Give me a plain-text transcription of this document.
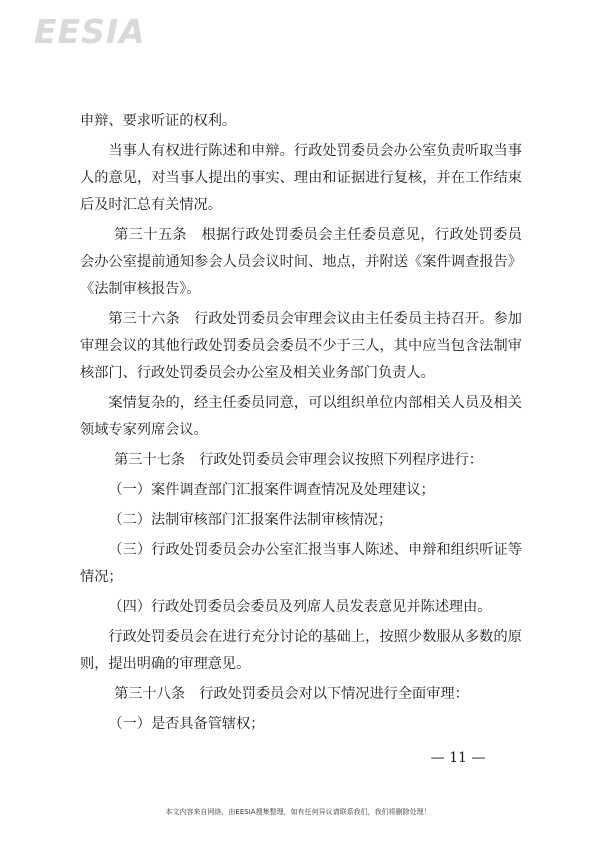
EESIA

申辩、要求听证的权利。

当事人有权进行陈述和申辩。行政处罚委员会办公室负责听取当事人的意见，对当事人提出的事实、理由和证据进行复核，并在工作结束后及时汇总有关情况。

第三十五条　根据行政处罚委员会主任委员意见，行政处罚委员会办公室提前通知参会人员会议时间、地点，并附送《案件调查报告》《法制审核报告》。

第三十六条　行政处罚委员会审理会议由主任委员主持召开。参加审理会议的其他行政处罚委员会委员不少于三人，其中应当包含法制审核部门、行政处罚委员会办公室及相关业务部门负责人。

案情复杂的，经主任委员同意，可以组织单位内部相关人员及相关领域专家列席会议。

第三十七条　行政处罚委员会审理会议按照下列程序进行：

（一）案件调查部门汇报案件调查情况及处理建议；

（二）法制审核部门汇报案件法制审核情况；

（三）行政处罚委员会办公室汇报当事人陈述、申辩和组织听证等情况；

（四）行政处罚委员会委员及列席人员发表意见并陈述理由。

行政处罚委员会在进行充分讨论的基础上，按照少数服从多数的原则，提出明确的审理意见。

第三十八条　行政处罚委员会对以下情况进行全面审理：

（一）是否具备管辖权；

— 11 —
本文内容来自网络，由EESIA搜集整理，如有任何异议请联系我们，我们将删除处理！
